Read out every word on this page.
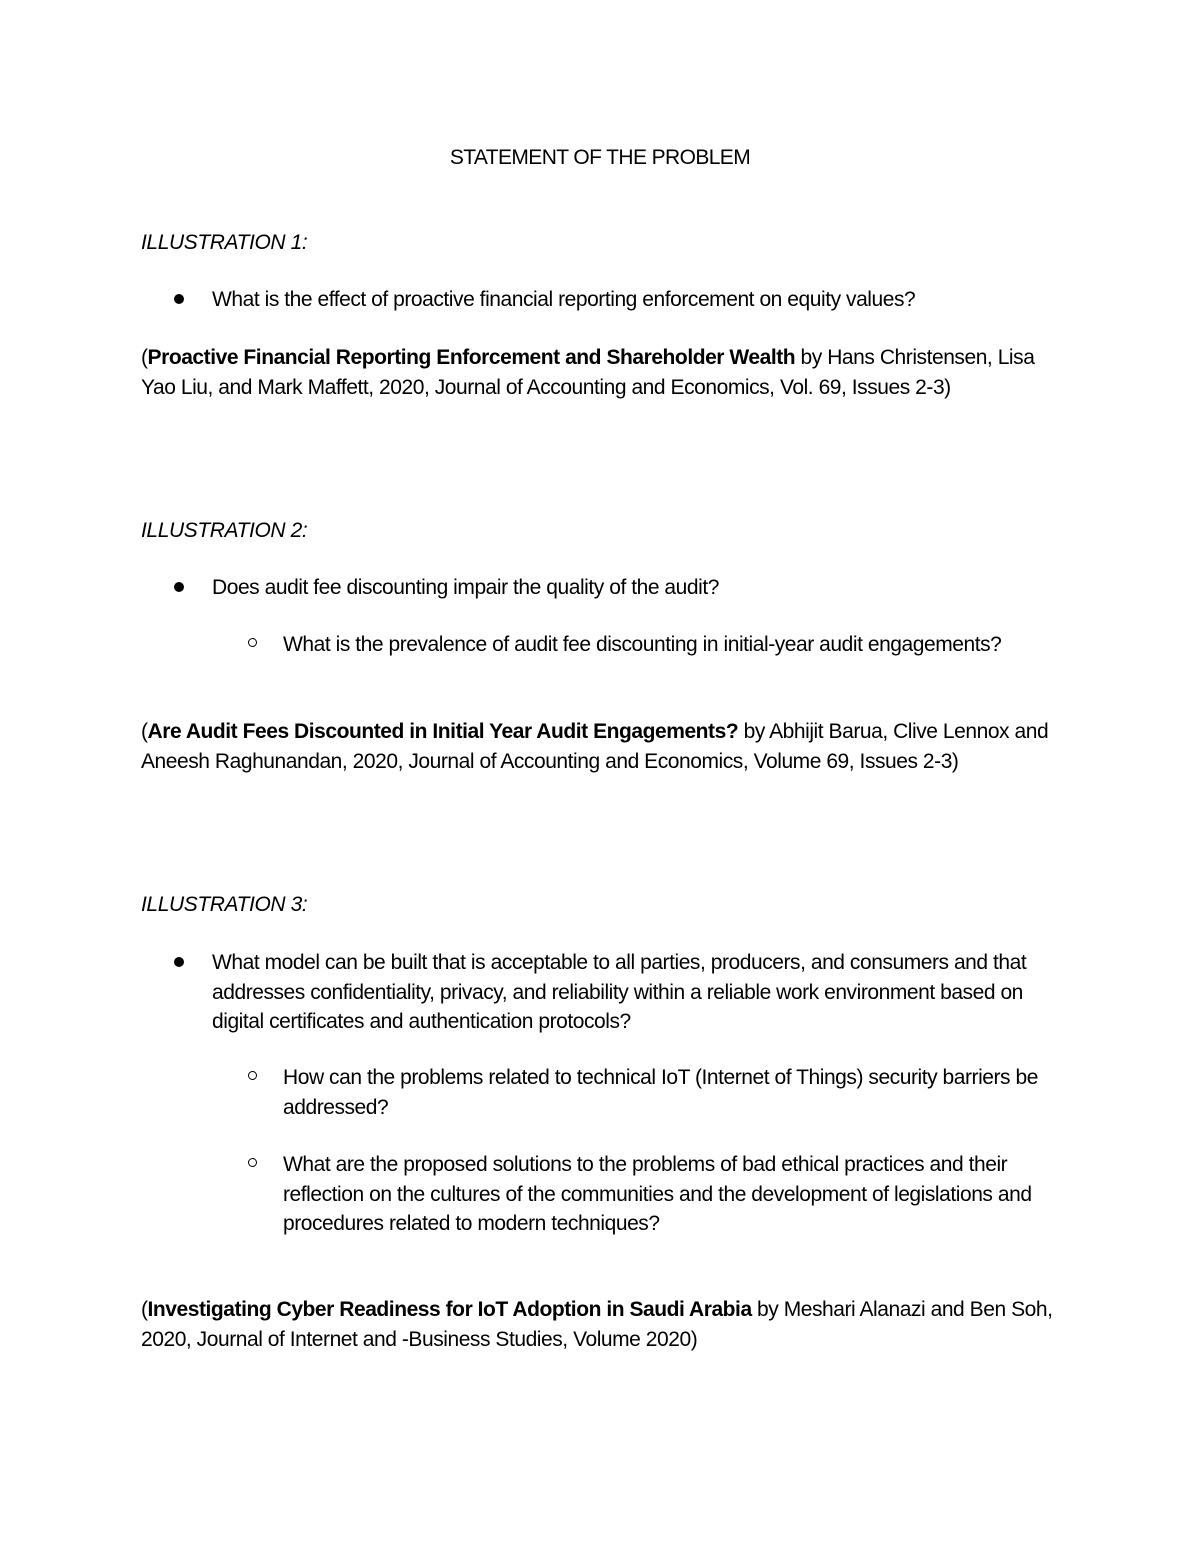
STATEMENT OF THE PROBLEM
ILLUSTRATION 1:
What is the effect of proactive financial reporting enforcement on equity values?
(Proactive Financial Reporting Enforcement and Shareholder Wealth by Hans Christensen, Lisa Yao Liu, and Mark Maffett, 2020, Journal of Accounting and Economics, Vol. 69, Issues 2-3)
ILLUSTRATION 2:
Does audit fee discounting impair the quality of the audit?
What is the prevalence of audit fee discounting in initial-year audit engagements?
(Are Audit Fees Discounted in Initial Year Audit Engagements? by Abhijit Barua, Clive Lennox and Aneesh Raghunandan, 2020, Journal of Accounting and Economics, Volume 69, Issues 2-3)
ILLUSTRATION 3:
What model can be built that is acceptable to all parties, producers, and consumers and that addresses confidentiality, privacy, and reliability within a reliable work environment based on digital certificates and authentication protocols?
How can the problems related to technical IoT (Internet of Things) security barriers be addressed?
What are the proposed solutions to the problems of bad ethical practices and their reflection on the cultures of the communities and the development of legislations and procedures related to modern techniques?
(Investigating Cyber Readiness for IoT Adoption in Saudi Arabia by Meshari Alanazi and Ben Soh, 2020, Journal of Internet and -Business Studies, Volume 2020)
